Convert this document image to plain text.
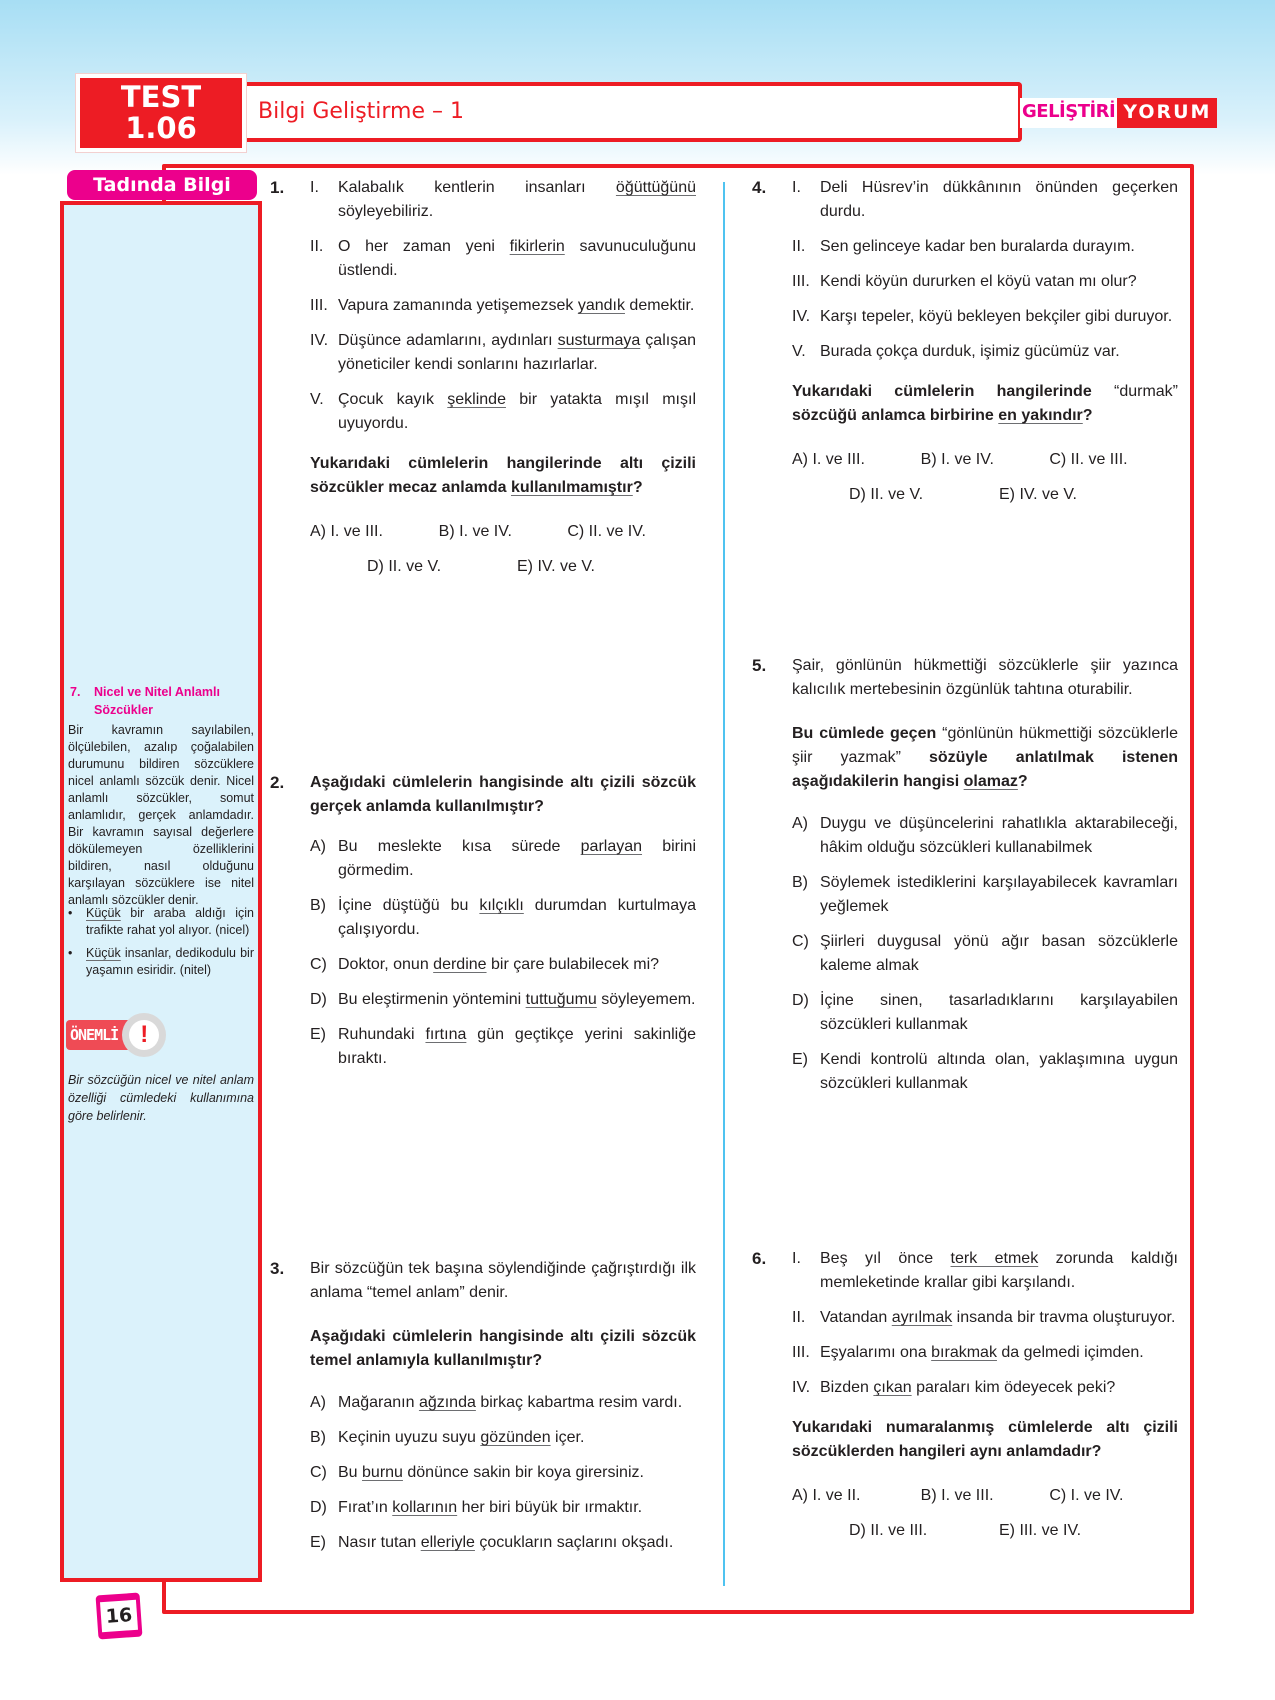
TEST
1.06	Bilgi Geliştirme – 1	GELİŞTİRİ YORUM
Tadında Bilgi
7. Nicel ve Nitel Anlamlı
Sözcükler
Bir kavramın sayılabilen, ölçülebilen, azalıp çoğalabilen durumunu bildiren sözcüklere nicel anlamlı sözcük denir. Nicel anlamlı sözcükler, somut anlamlıdır, gerçek anlamdadır. Bir kavramın sayısal değerlere dökülemeyen özelliklerini bildiren, nasıl olduğunu karşılayan sözcüklere ise nitel anlamlı sözcükler denir.
•	Küçük bir araba aldığı için trafikte rahat yol alıyor. (nicel)
•	Küçük insanlar, dedikodulu bir yaşamın esiridir. (nitel)
ÖNEMLİ !
Bir sözcüğün nicel ve nitel anlam özelliği cümledeki kullanımına göre belirlenir.
16
1. I.	Kalabalık kentlerin insanları öğüttüğünü söyleyebiliriz.
II. O her zaman yeni fikirlerin savunuculuğunu üstlendi.
III. Vapura zamanında yetişemezsek yandık demektir.
IV. Düşünce adamlarını, aydınları susturmaya çalışan yöneticiler kendi sonlarını hazırlarlar.
V. Çocuk kayık şeklinde bir yatakta mışıl mışıl uyuyordu.
Yukarıdaki cümlelerin hangilerinde altı çizili sözcükler mecaz anlamda kullanılmamıştır?
A) I. ve III.	B) I. ve IV.	C) II. ve IV.
D) II. ve V.	E) IV. ve V.
2. Aşağıdaki cümlelerin hangisinde altı çizili sözcük gerçek anlamda kullanılmıştır?
A) Bu meslekte kısa sürede parlayan birini görmedim.
B) İçine düştüğü bu kılçıklı durumdan kurtulmaya çalışıyordu.
C) Doktor, onun derdine bir çare bulabilecek mi?
D) Bu eleştirmenin yöntemini tuttuğumu söyleyemem.
E) Ruhundaki fırtına gün geçtikçe yerini sakinliğe bıraktı.
3. Bir sözcüğün tek başına söylendiğinde çağrıştırdığı ilk anlama “temel anlam” denir.
Aşağıdaki cümlelerin hangisinde altı çizili sözcük temel anlamıyla kullanılmıştır?
A) Mağaranın ağzında birkaç kabartma resim vardı.
B) Keçinin uyuzu suyu gözünden içer.
C) Bu burnu dönünce sakin bir koya girersiniz.
D) Fırat’ın kollarının her biri büyük bir ırmaktır.
E) Nasır tutan elleriyle çocukların saçlarını okşadı.
4. I.	Deli Hüsrev’in dükkânının önünden geçerken durdu.
II. Sen gelinceye kadar ben buralarda durayım.
III. Kendi köyün dururken el köyü vatan mı olur?
IV. Karşı tepeler, köyü bekleyen bekçiler gibi duruyor.
V. Burada çokça durduk, işimiz gücümüz var.
Yukarıdaki cümlelerin hangilerinde “durmak” sözcüğü anlamca birbirine en yakındır?
A) I. ve III.	B) I. ve IV.	C) II. ve III.
D) II. ve V.	E) IV. ve V.
5. Şair, gönlünün hükmettiği sözcüklerle şiir yazınca kalıcılık mertebesinin özgünlük tahtına oturabilir.
Bu cümlede geçen “gönlünün hükmettiği sözcüklerle şiir yazmak” sözüyle anlatılmak istenen aşağıdakilerin hangisi olamaz?
A) Duygu ve düşüncelerini rahatlıkla aktarabileceği, hâkim olduğu sözcükleri kullanabilmek
B) Söylemek istediklerini karşılayabilecek kavramları yeğlemek
C) Şiirleri duygusal yönü ağır basan sözcüklerle kaleme almak
D) İçine sinen, tasarladıklarını karşılayabilen sözcükleri kullanmak
E) Kendi kontrolü altında olan, yaklaşımına uygun sözcükleri kullanmak
6. I.	Beş yıl önce terk etmek zorunda kaldığı memleketinde krallar gibi karşılandı.
II. Vatandan ayrılmak insanda bir travma oluşturuyor.
III. Eşyalarımı ona bırakmak da gelmedi içimden.
IV. Bizden çıkan paraları kim ödeyecek peki?
Yukarıdaki numaralanmış cümlelerde altı çizili sözcüklerden hangileri aynı anlamdadır?
A) I. ve II.	B) I. ve III.	C) I. ve IV.
D) II. ve III.	E) III. ve IV.
